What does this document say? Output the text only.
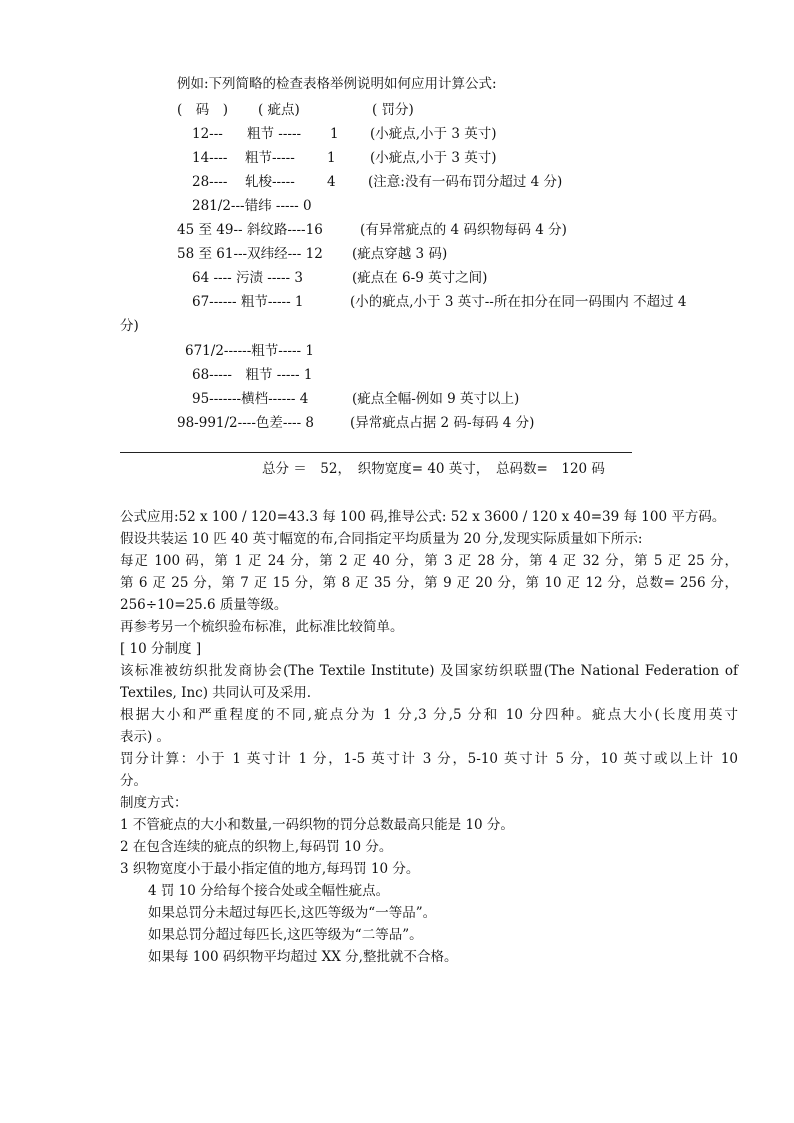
例如:下列简略的检查表格举例说明如何应用计算公式:
(　码　) ( 疵点)	( 罚分)
12--- 粗节 ----- 1 (小疵点,小于 3 英寸)
14---- 粗节----- 1	(小疵点,小于 3 英寸)
28---- 轧梭----- 4 (注意:没有一码布罚分超过 4 分)
281/2---错纬 ----- 0
45 至 49-- 斜纹路----16	(有异常疵点的 4 码织物每码 4 分)
58 至 61---双纬经--- 12 (疵点穿越 3 码)
64 ---- 污渍 ----- 3	(疵点在 6-9 英寸之间)
67------ 粗节----- 1	(小的疵点,小于 3 英寸--所在扣分在同一码围内 不超过 4
分)
671/2------粗节----- 1
68-----　粗节 ----- 1
95-------横档------ 4	(疵点全幅-例如 9 英寸以上)
98-991/2----色差---- 8	(异常疵点占据 2 码-每码 4 分)
总分 ＝　52，　织物宽度= 40 英寸，　总码数=　120 码
公式应用:52 x 100 / 120=43.3 每 100 码,推导公式: 52 x 3600 / 120 x 40=39 每 100 平方码。
假设共装运 10 匹 40 英寸幅宽的布,合同指定平均质量为 20 分,发现实际质量如下所示:
每疋 100 码，第 1 疋 24 分，第 2 疋 40 分，第 3 疋 28 分，第 4 疋 32 分，第 5 疋 25 分，
第 6 疋 25 分，第 7 疋 15 分，第 8 疋 35 分，第 9 疋 20 分，第 10 疋 12 分，总数= 256 分，
256÷10=25.6 质量等级。
再参考另一个梳织验布标准，此标准比较简单。
[ 10 分制度 ]
该标准被纺织批发商协会(The Textile Institute) 及国家纺织联盟(The National Federation of
Textiles, Inc) 共同认可及采用.
根据大小和严重程度的不同,疵点分为 1 分,3 分,5 分和 10 分四种。疵点大小(长度用英寸
表示) 。
罚分计算：小于 1 英寸计 1 分，1-5 英寸计 3 分，5-10 英寸计 5 分，10 英寸或以上计 10
分。
制度方式：
1 不管疵点的大小和数量,一码织物的罚分总数最高只能是 10 分。
2 在包含连续的疵点的织物上,每码罚 10 分。
3 织物宽度小于最小指定值的地方,每玛罚 10 分。
4 罚 10 分给每个接合处或全幅性疵点。
如果总罚分未超过每匹长,这匹等级为“一等品”。
如果总罚分超过每匹长,这匹等级为“二等品”。
如果每 100 码织物平均超过 XX 分,整批就不合格。
